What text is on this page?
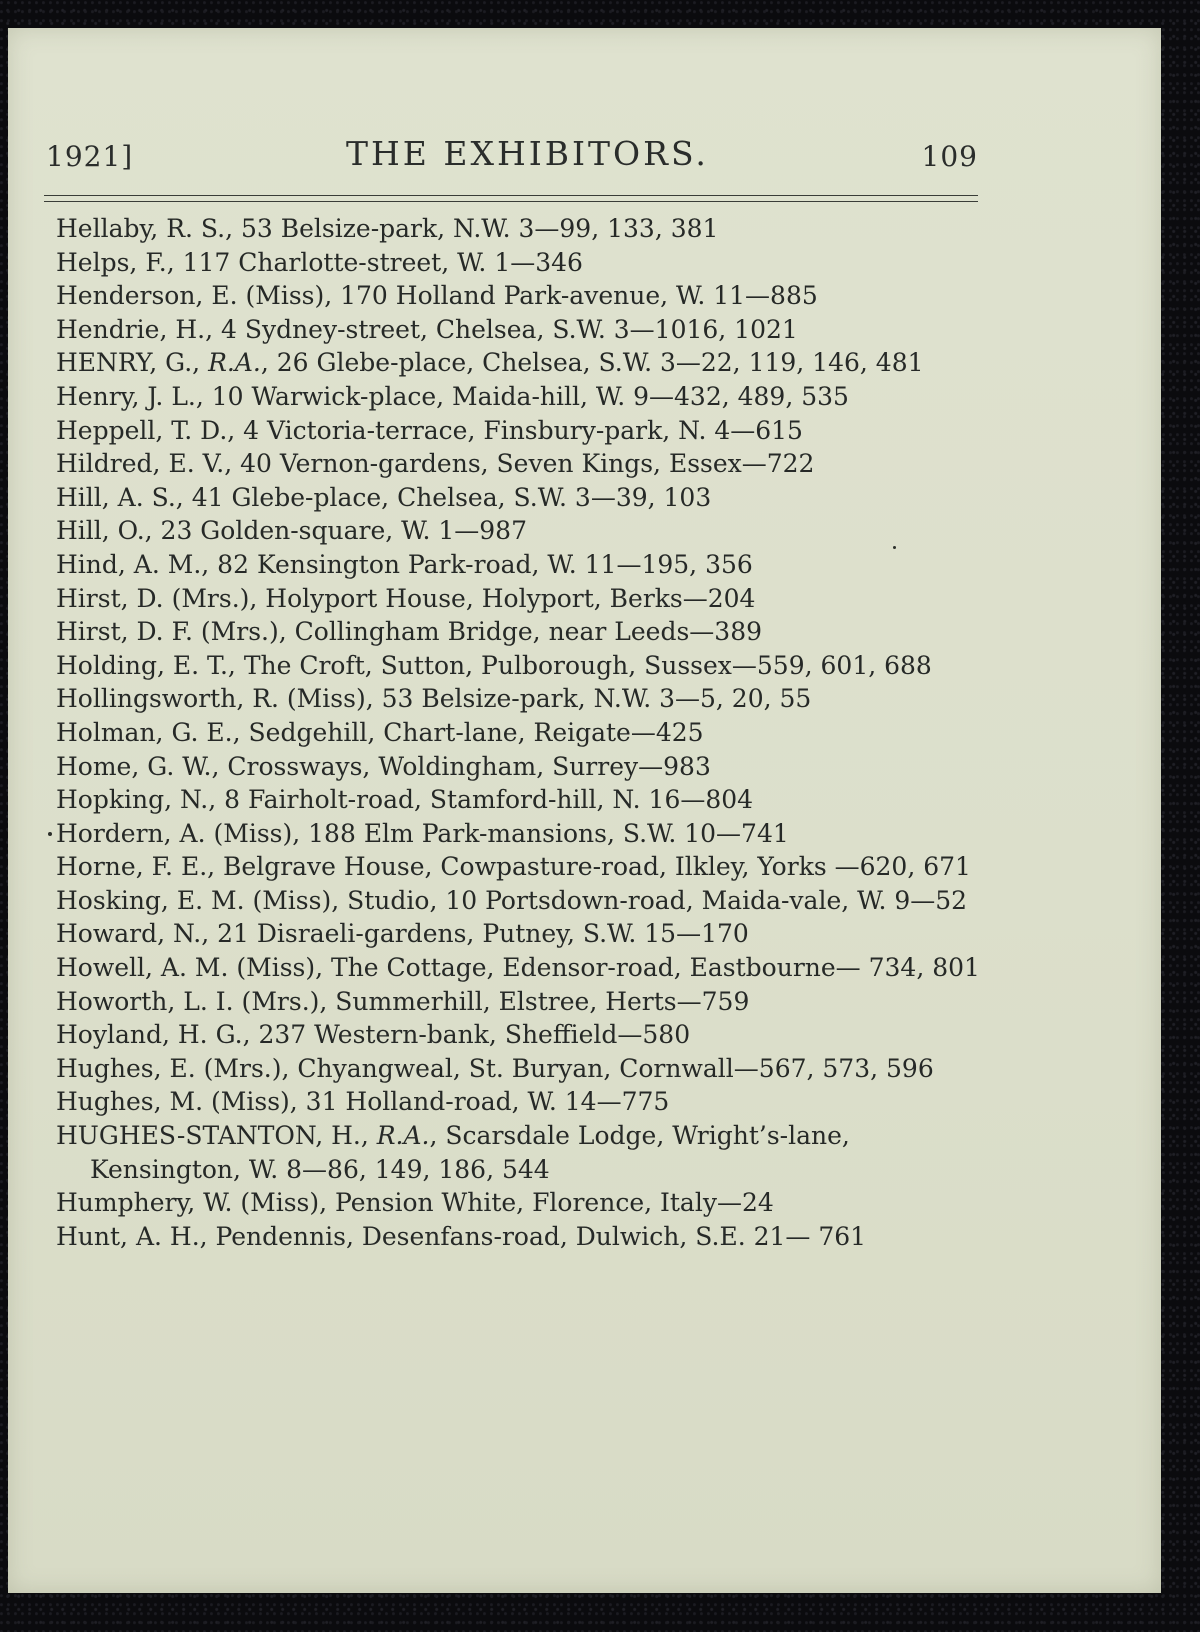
1921]	THE EXHIBITORS.	109
Hellaby, R. S., 53 Belsize-park, N.W. 3—99, 133, 381
Helps, F., 117 Charlotte-street, W. 1—346
Henderson, E. (Miss), 170 Holland Park-avenue, W. 11—885
Hendrie, H., 4 Sydney-street, Chelsea, S.W. 3—1016, 1021
HENRY, G., R.A., 26 Glebe-place, Chelsea, S.W. 3—22, 119, 146, 481
Henry, J. L., 10 Warwick-place, Maida-hill, W. 9—432, 489, 535
Heppell, T. D., 4 Victoria-terrace, Finsbury-park, N. 4—615
Hildred, E. V., 40 Vernon-gardens, Seven Kings, Essex—722
Hill, A. S., 41 Glebe-place, Chelsea, S.W. 3—39, 103
Hill, O., 23 Golden-square, W. 1—987
Hind, A. M., 82 Kensington Park-road, W. 11—195, 356
Hirst, D. (Mrs.), Holyport House, Holyport, Berks—204
Hirst, D. F. (Mrs.), Collingham Bridge, near Leeds—389
Holding, E. T., The Croft, Sutton, Pulborough, Sussex—559, 601, 688
Hollingsworth, R. (Miss), 53 Belsize-park, N.W. 3—5, 20, 55
Holman, G. E., Sedgehill, Chart-lane, Reigate—425
Home, G. W., Crossways, Woldingham, Surrey—983
Hopking, N., 8 Fairholt-road, Stamford-hill, N. 16—804
Hordern, A. (Miss), 188 Elm Park-mansions, S.W. 10—741
Horne, F. E., Belgrave House, Cowpasture-road, Ilkley, Yorks —620, 671
Hosking, E. M. (Miss), Studio, 10 Portsdown-road, Maida-vale, W. 9—52
Howard, N., 21 Disraeli-gardens, Putney, S.W. 15—170
Howell, A. M. (Miss), The Cottage, Edensor-road, Eastbourne— 734, 801
Howorth, L. I. (Mrs.), Summerhill, Elstree, Herts—759
Hoyland, H. G., 237 Western-bank, Sheffield—580
Hughes, E. (Mrs.), Chyangweal, St. Buryan, Cornwall—567, 573, 596
Hughes, M. (Miss), 31 Holland-road, W. 14—775
HUGHES-STANTON, H., R.A., Scarsdale Lodge, Wright’s-lane, Kensington, W. 8—86, 149, 186, 544
Humphery, W. (Miss), Pension White, Florence, Italy—24
Hunt, A. H., Pendennis, Desenfans-road, Dulwich, S.E. 21— 761
